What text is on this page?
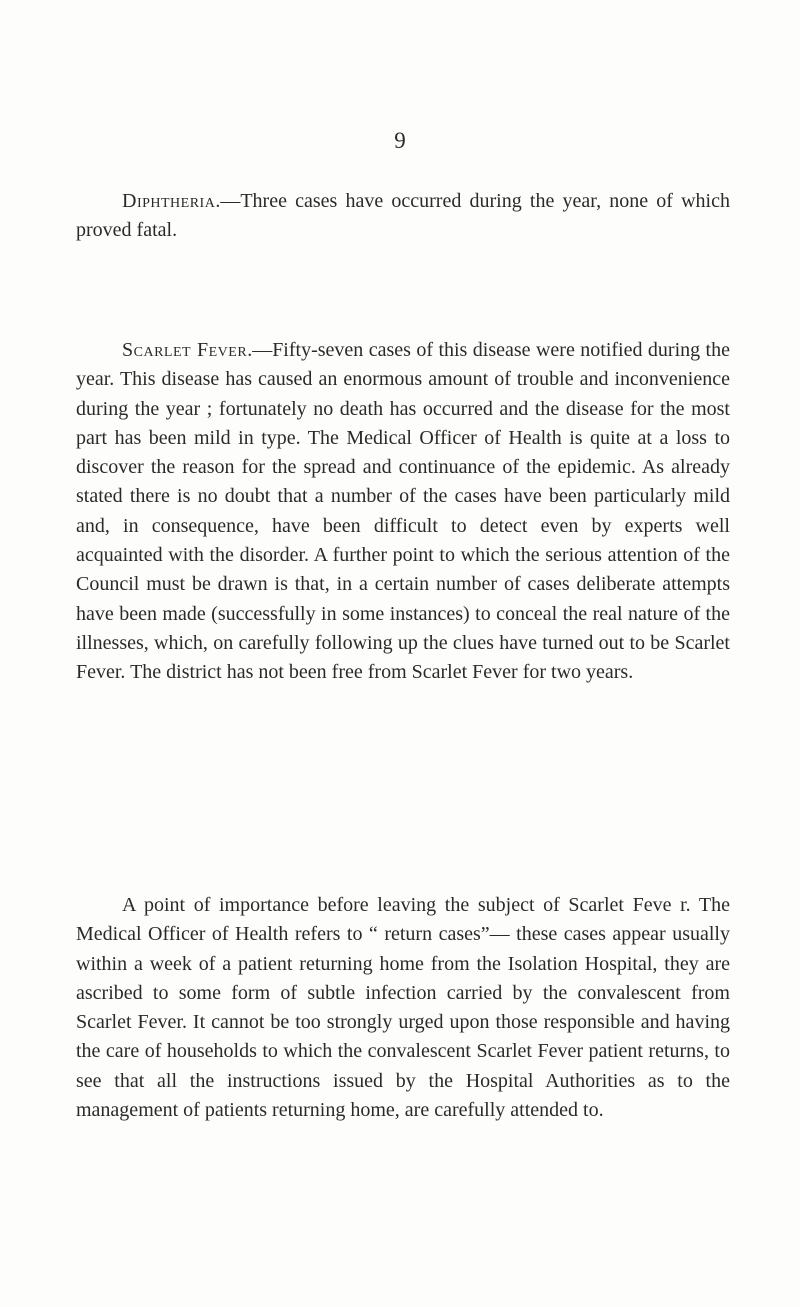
9

Diphtheria.—Three cases have occurred during the year, none of which proved fatal.

Scarlet Fever.—Fifty-seven cases of this disease were notified during the year. This disease has caused an enormous amount of trouble and inconvenience during the year ; fortunately no death has occurred and the disease for the most part has been mild in type. The Medical Officer of Health is quite at a loss to discover the reason for the spread and continuance of the epidemic. As already stated there is no doubt that a number of the cases have been particularly mild and, in consequence, have been difficult to detect even by experts well acquainted with the disorder. A further point to which the serious attention of the Council must be drawn is that, in a certain number of cases deliberate attempts have been made (successfully in some instances) to conceal the real nature of the illnesses, which, on carefully following up the clues have turned out to be Scarlet Fever. The district has not been free from Scarlet Fever for two years.

A point of importance before leaving the subject of Scarlet Feve r. The Medical Officer of Health refers to “ return cases”— these cases appear usually within a week of a patient returning home from the Isolation Hospital, they are ascribed to some form of subtle infection carried by the convalescent from Scarlet Fever. It cannot be too strongly urged upon those responsible and having the care of households to which the convalescent Scarlet Fever patient returns, to see that all the instructions issued by the Hospital Authorities as to the management of patients returning home, are carefully attended to.
